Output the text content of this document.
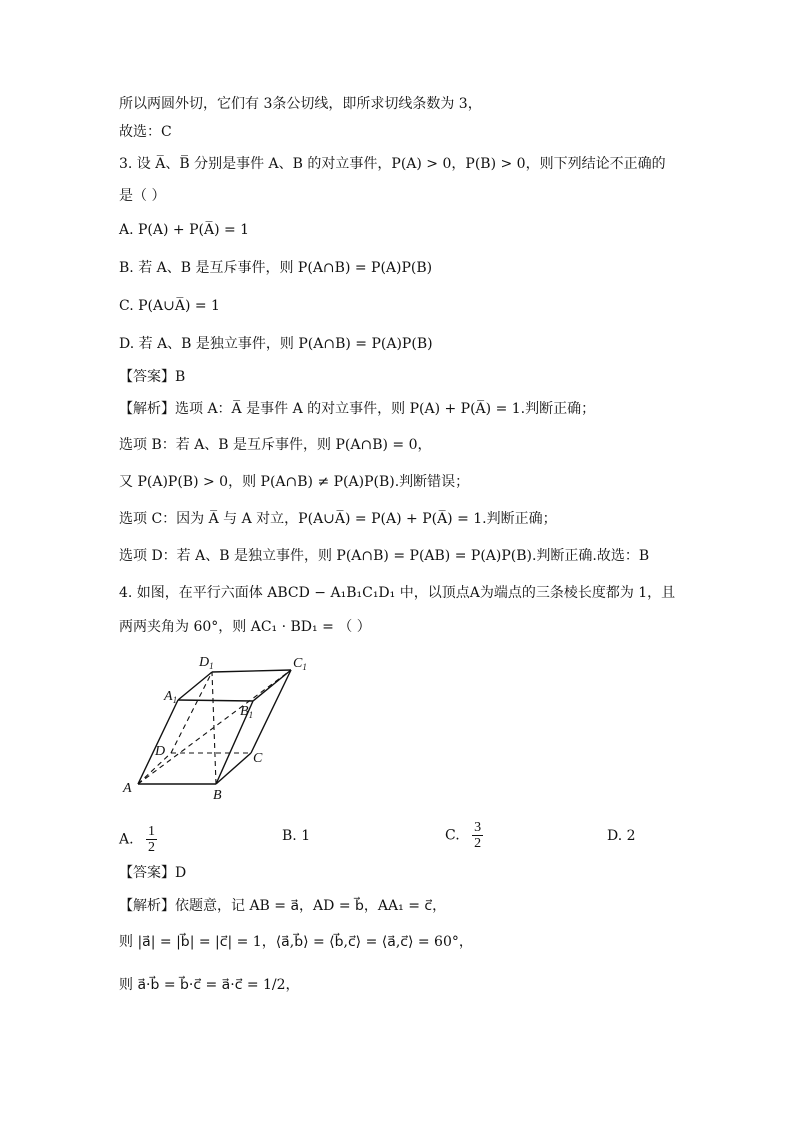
所以两圆外切，它们有 3条公切线，即所求切线条数为 3，
故选：C
3. 设 A̅、B̅ 分别是事件 A、B 的对立事件，P(A) > 0，P(B) > 0，则下列结论不正确的
是（ ）
A. P(A) + P(A̅) = 1
B. 若 A、B 是互斥事件，则 P(A∩B) = P(A)P(B)
C. P(A∪A̅) = 1
D. 若 A、B 是独立事件，则 P(A∩B) = P(A)P(B)
【答案】B
【解析】选项 A：A̅ 是事件 A 的对立事件，则 P(A) + P(A̅) = 1.判断正确；
选项 B：若 A、B 是互斥事件，则 P(A∩B) = 0，
又 P(A)P(B) > 0，则 P(A∩B) ≠ P(A)P(B).判断错误；
选项 C：因为 A̅ 与 A 对立，P(A∪A̅) = P(A) + P(A̅) = 1.判断正确；
选项 D：若 A、B 是独立事件，则 P(A∩B) = P(AB) = P(A)P(B).判断正确.故选：B
4. 如图，在平行六面体 ABCD − A₁B₁C₁D₁ 中，以顶点A为端点的三条棱长度都为 1，且
两两夹角为 60°，则 AC₁ · BD₁ = （ ）
$D_1$	$C_1$
$A_1$
$B_1$
D	C
A	B
A. $\frac{1}{2}$	B. 1	C. $\frac{3}{2}$	D. 2
【答案】D
【解析】依题意，记 AB = a⃗，AD = b⃗，AA₁ = c⃗，
则 |a⃗| = |b⃗| = |c⃗| = 1，⟨a⃗,b⃗⟩ = ⟨b⃗,c⃗⟩ = ⟨a⃗,c⃗⟩ = 60°，
则 a⃗·b⃗ = b⃗·c⃗ = a⃗·c⃗ = 1/2，
